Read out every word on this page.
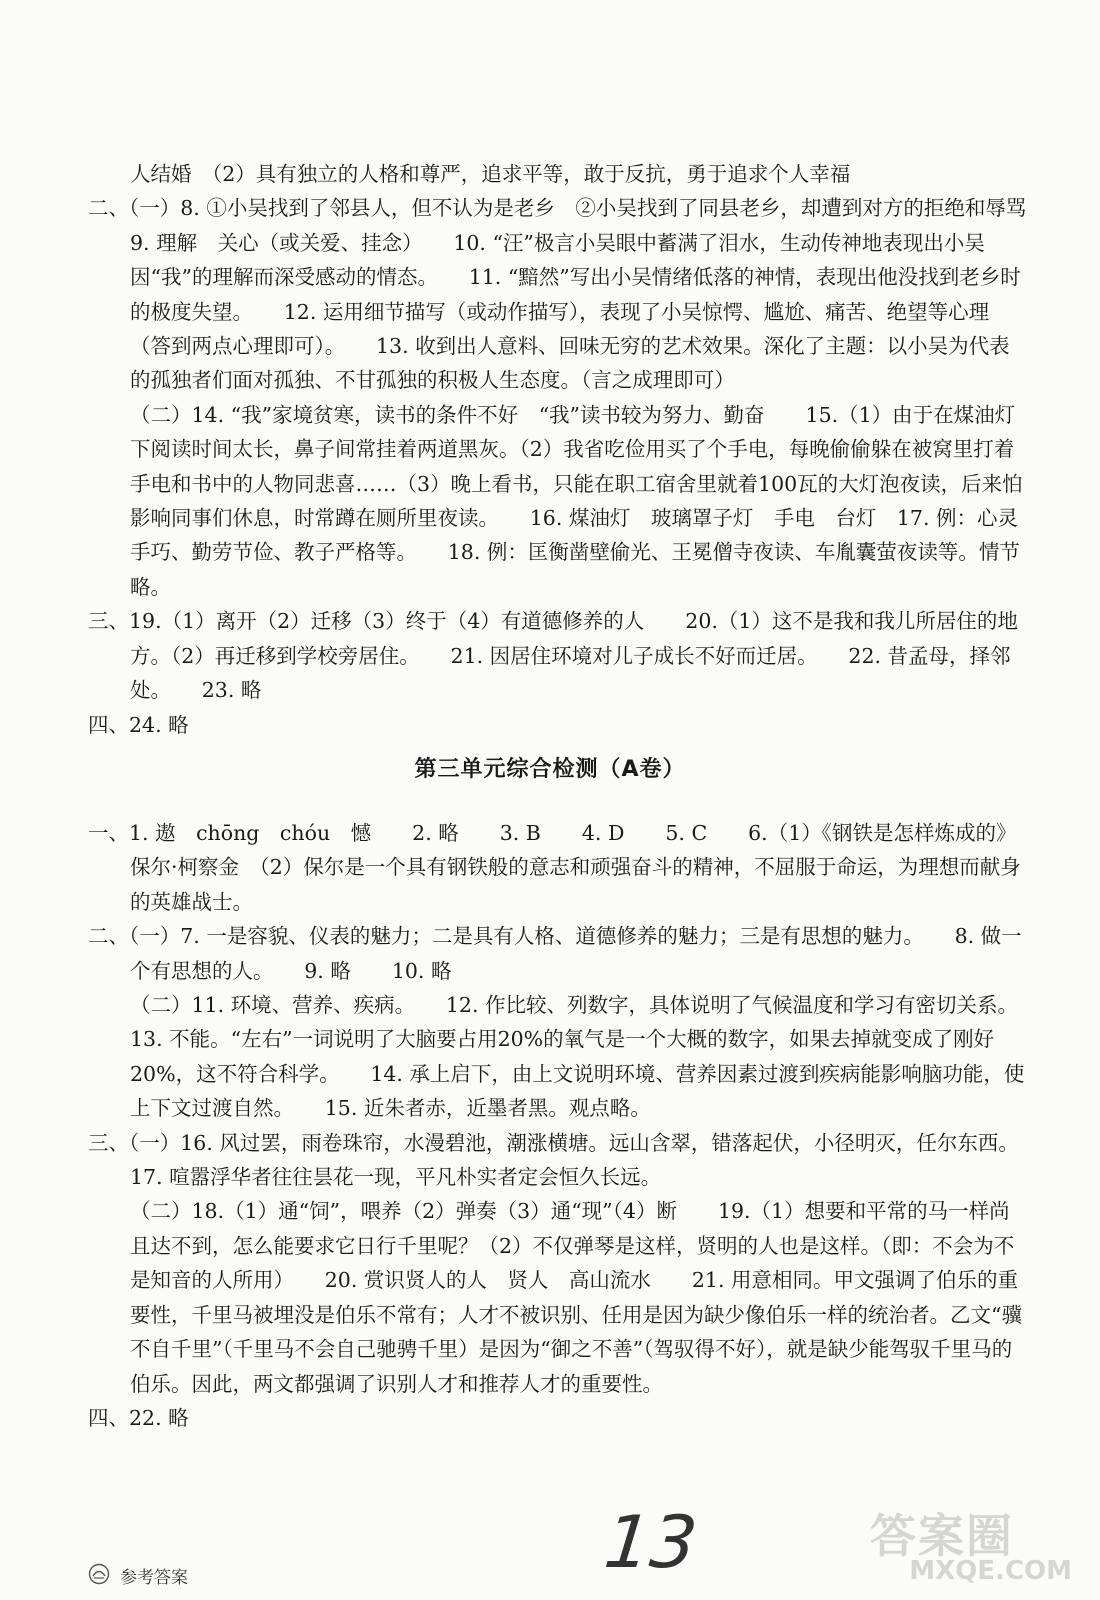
人结婚　（2）具有独立的人格和尊严，追求平等，敢于反抗，勇于追求个人幸福

二、（一）8. ①小吴找到了邻县人，但不认为是老乡　②小吴找到了同县老乡，却遭到对方的拒绝和辱骂　　9. 理解　关心（或关爱、挂念）　　10. “汪”极言小吴眼中蓄满了泪水，生动传神地表现出小吴因“我”的理解而深受感动的情态。　　11. “黯然”写出小吴情绪低落的神情，表现出他没找到老乡时的极度失望。　　12. 运用细节描写（或动作描写），表现了小吴惊愕、尴尬、痛苦、绝望等心理（答到两点心理即可）。　　13. 收到出人意料、回味无穷的艺术效果。深化了主题：以小吴为代表的孤独者们面对孤独、不甘孤独的积极人生态度。（言之成理即可）

（二）14. “我”家境贫寒，读书的条件不好　“我”读书较为努力、勤奋　　15.（1）由于在煤油灯下阅读时间太长，鼻子间常挂着两道黑灰。（2）我省吃俭用买了个手电，每晚偷偷躲在被窝里打着手电和书中的人物同悲喜……（3）晚上看书，只能在职工宿舍里就着100瓦的大灯泡夜读，后来怕影响同事们休息，时常蹲在厕所里夜读。　　16. 煤油灯　玻璃罩子灯　手电　台灯　17. 例：心灵手巧、勤劳节俭、教子严格等。　　18. 例：匡衡凿壁偷光、王冕僧寺夜读、车胤囊萤夜读等。情节略。

三、19.（1）离开（2）迁移（3）终于（4）有道德修养的人　　20.（1）这不是我和我儿所居住的地方。（2）再迁移到学校旁居住。　　21. 因居住环境对儿子成长不好而迁居。　　22. 昔孟母，择邻处。　　23. 略

四、24. 略

第三单元综合检测（A卷）

一、1. 遨　chōng　chóu　憾　　2. 略　　3. B　　4. D　　5. C　　6.（1）《钢铁是怎样炼成的》保尔·柯察金　（2）保尔是一个具有钢铁般的意志和顽强奋斗的精神，不屈服于命运，为理想而献身的英雄战士。

二、（一）7. 一是容貌、仪表的魅力；二是具有人格、道德修养的魅力；三是有思想的魅力。　　8. 做一个有思想的人。　　9. 略　　10. 略

（二）11. 环境、营养、疾病。　　12. 作比较、列数字，具体说明了气候温度和学习有密切关系。13. 不能。“左右”一词说明了大脑要占用20%的氧气是一个大概的数字，如果去掉就变成了刚好20%，这不符合科学。　　14. 承上启下，由上文说明环境、营养因素过渡到疾病能影响脑功能，使上下文过渡自然。　　15. 近朱者赤，近墨者黑。观点略。

三、（一）16. 风过罢，雨卷珠帘，水漫碧池，潮涨横塘。远山含翠，错落起伏，小径明灭，任尔东西。17. 喧嚣浮华者往往昙花一现，平凡朴实者定会恒久长远。

（二）18.（1）通“饲”，喂养（2）弹奏（3）通“现”（4）断　　19.（1）想要和平常的马一样尚且达不到，怎么能要求它日行千里呢？（2）不仅弹琴是这样，贤明的人也是这样。（即：不会为不是知音的人所用）　　20. 赏识贤人的人　贤人　高山流水　　21. 用意相同。甲文强调了伯乐的重要性，千里马被埋没是伯乐不常有；人才不被识别、任用是因为缺少像伯乐一样的统治者。乙文“骥不自千里”（千里马不会自己驰骋千里）是因为“御之不善”（驾驭得不好），就是缺少能驾驭千里马的伯乐。因此，两文都强调了识别人才和推荐人才的重要性。

四、22. 略

参考答案	13	答案圈
MXQE.COM
